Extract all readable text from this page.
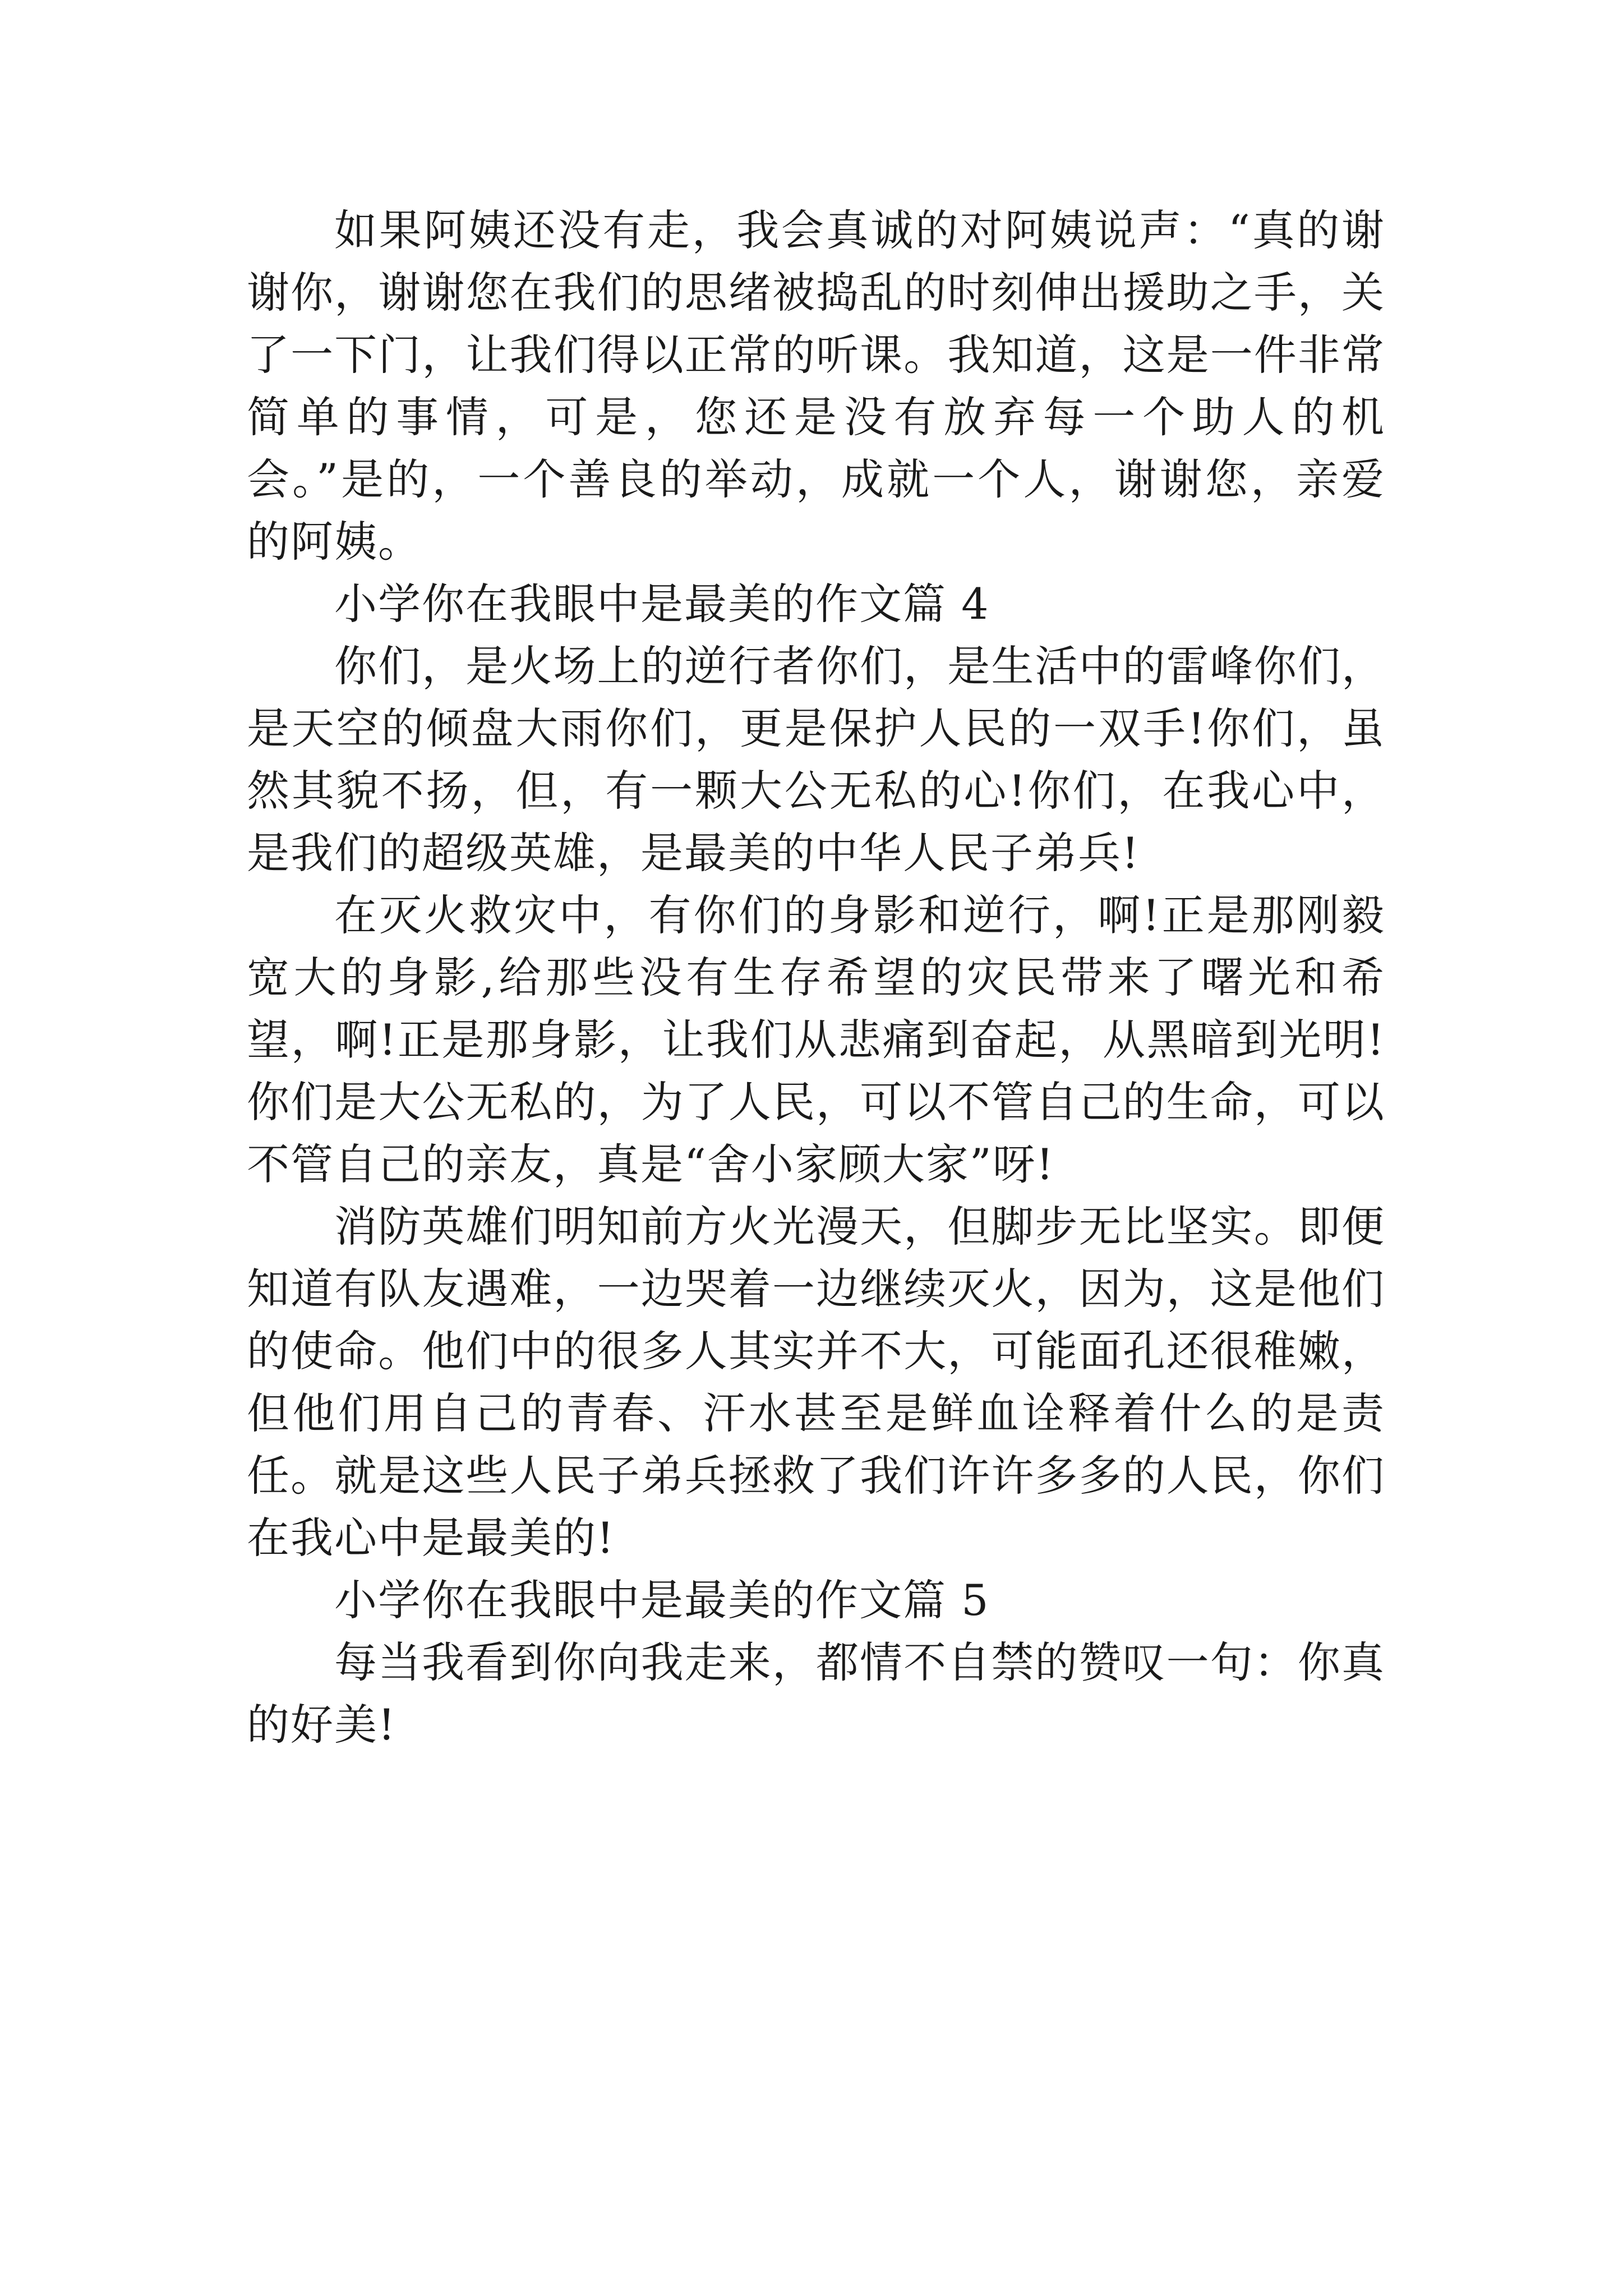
如果阿姨还没有走，我会真诚的对阿姨说声：“真的谢谢你，谢谢您在我们的思绪被捣乱的时刻伸出援助之手，关了一下门，让我们得以正常的听课。我知道，这是一件非常简单的事情，可是，您还是没有放弃每一个助人的机会。”是的，一个善良的举动，成就一个人，谢谢您，亲爱的阿姨。

小学你在我眼中是最美的作文篇 4

你们，是火场上的逆行者你们，是生活中的雷峰你们，是天空的倾盘大雨你们，更是保护人民的一双手!你们，虽然其貌不扬，但，有一颗大公无私的心!你们，在我心中，是我们的超级英雄，是最美的中华人民子弟兵!

在灭火救灾中，有你们的身影和逆行，啊!正是那刚毅宽大的身影,给那些没有生存希望的灾民带来了曙光和希望，啊!正是那身影，让我们从悲痛到奋起，从黑暗到光明!你们是大公无私的，为了人民，可以不管自己的生命，可以不管自己的亲友，真是“舍小家顾大家”呀!

消防英雄们明知前方火光漫天，但脚步无比坚实。即便知道有队友遇难，一边哭着一边继续灭火，因为，这是他们的使命。他们中的很多人其实并不大，可能面孔还很稚嫩，但他们用自己的青春、汗水甚至是鲜血诠释着什么的是责任。就是这些人民子弟兵拯救了我们许许多多的人民，你们在我心中是最美的!

小学你在我眼中是最美的作文篇 5

每当我看到你向我走来，都情不自禁的赞叹一句：你真的好美!
